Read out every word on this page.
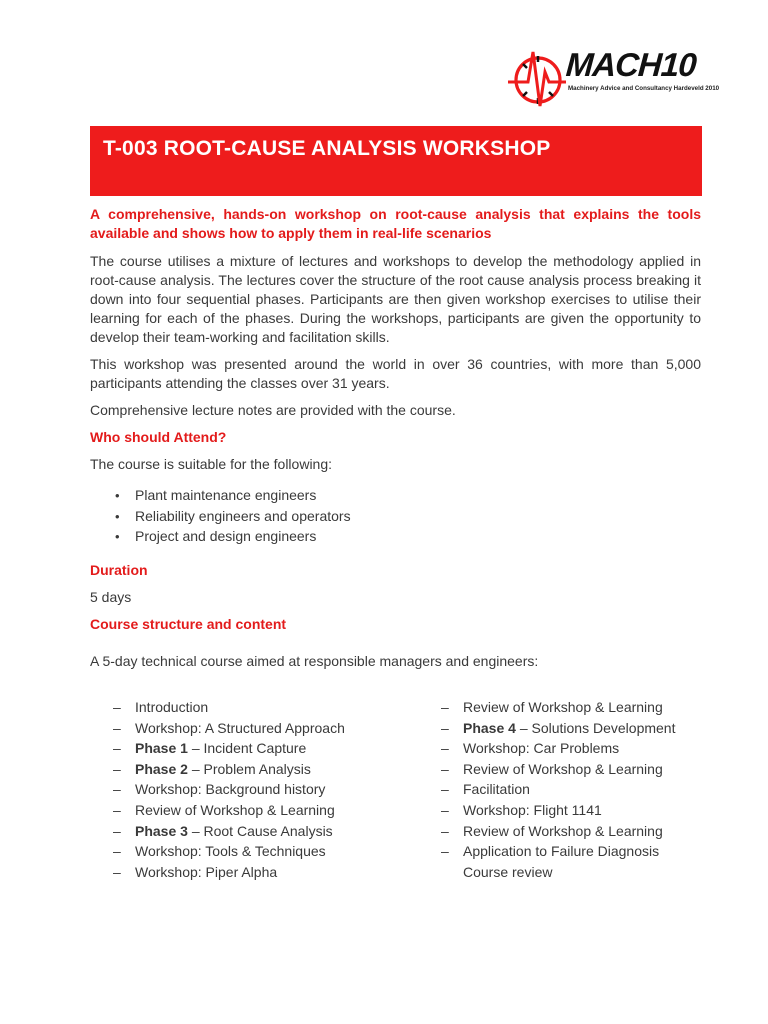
MACH10
Machinery Advice and Consultancy Hardeveld 2010
T-003 ROOT-CAUSE ANALYSIS WORKSHOP

A comprehensive, hands-on workshop on root-cause analysis that explains the tools available and shows how to apply them in real-life scenarios

The course utilises a mixture of lectures and workshops to develop the methodology applied in root-cause analysis. The lectures cover the structure of the root cause analysis process breaking it down into four sequential phases. Participants are then given workshop exercises to utilise their learning for each of the phases. During the workshops, participants are given the opportunity to develop their team-working and facilitation skills.

This workshop was presented around the world in over 36 countries, with more than 5,000 participants attending the classes over 31 years.

Comprehensive lecture notes are provided with the course.

Who should Attend?

The course is suitable for the following:

• Plant maintenance engineers
• Reliability engineers and operators
• Project and design engineers
Duration

5 days

Course structure and content

A 5-day technical course aimed at responsible managers and engineers:

– Introduction
– Workshop: A Structured Approach
– Phase 1 – Incident Capture
– Phase 2 – Problem Analysis
– Workshop: Background history
– Review of Workshop & Learning
– Phase 3 – Root Cause Analysis
– Workshop: Tools & Techniques
– Workshop: Piper Alpha
– Review of Workshop & Learning
– Phase 4 – Solutions Development
– Workshop: Car Problems
– Review of Workshop & Learning
– Facilitation
– Workshop: Flight 1141
– Review of Workshop & Learning
– Application to Failure Diagnosis
Course review
